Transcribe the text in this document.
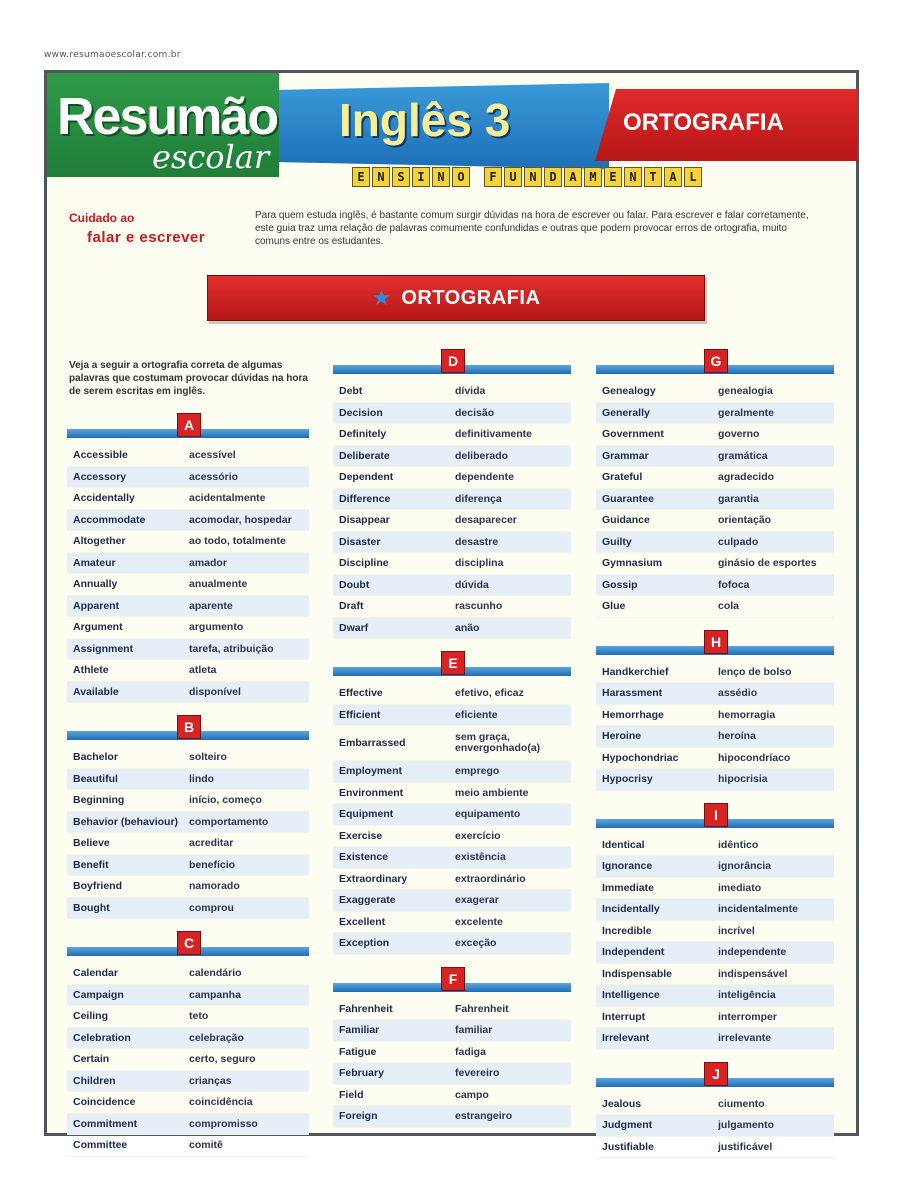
www.resumaoescolar.com.br
Resumão
escolar
Inglês 3	ORTOGRAFIA
E	N	S	I	N	O	F	U	N	D	A	M	E	N	T	A	L
Cuidado ao
falar e escrever
Para quem estuda inglês, é bastante comum surgir dúvidas na hora de escrever ou falar. Para escrever e falar corretamente, este guia traz uma relação de palavras comumente confundidas e outras que podem provocar erros de ortografia, muito comuns entre os estudantes.
★ ORTOGRAFIA
Veja a seguir a ortografia correta de algumas palavras que costumam provocar dúvidas na hora de serem escritas em inglês.
A
Accessible	acessível
Accessory	acessório
Accidentally	acidentalmente
Accommodate	acomodar, hospedar
Altogether	ao todo, totalmente
Amateur	amador
Annually	anualmente
Apparent	aparente
Argument	argumento
Assignment	tarefa, atribuição
Athlete	atleta
Available	disponível
B
Bachelor	solteiro
Beautiful	lindo
Beginning	início, começo
Behavior (behaviour)	comportamento
Believe	acreditar
Benefit	benefício
Boyfriend	namorado
Bought	comprou
C
Calendar	calendário
Campaign	campanha
Ceiling	teto
Celebration	celebração
Certain	certo, seguro
Children	crianças
Coincidence	coincidência
Commitment	compromisso
Committee	comitê
D
Debt	dívida
Decision	decisão
Definitely	definitivamente
Deliberate	deliberado
Dependent	dependente
Difference	diferença
Disappear	desaparecer
Disaster	desastre
Discipline	disciplina
Doubt	dúvida
Draft	rascunho
Dwarf	anão
E
Effective	efetivo, eficaz
Efficient	eficiente
Embarrassed	sem graça, envergonhado(a)
Employment	emprego
Environment	meio ambiente
Equipment	equipamento
Exercise	exercício
Existence	existência
Extraordinary	extraordinário
Exaggerate	exagerar
Excellent	excelente
Exception	exceção
F
Fahrenheit	Fahrenheit
Familiar	familiar
Fatigue	fadiga
February	fevereiro
Field	campo
Foreign	estrangeiro
G
Genealogy	genealogia
Generally	geralmente
Government	governo
Grammar	gramática
Grateful	agradecido
Guarantee	garantia
Guidance	orientação
Guilty	culpado
Gymnasium	ginásio de esportes
Gossip	fofoca
Glue	cola
H
Handkerchief	lenço de bolso
Harassment	assédio
Hemorrhage	hemorragia
Heroine	heroína
Hypochondriac	hipocondríaco
Hypocrisy	hipocrisia
I
Identical	idêntico
Ignorance	ignorância
Immediate	imediato
Incidentally	incidentalmente
Incredible	incrível
Independent	independente
Indispensable	indispensável
Intelligence	inteligência
Interrupt	interromper
Irrelevant	irrelevante
J
Jealous	ciumento
Judgment	julgamento
Justifiable	justificável
